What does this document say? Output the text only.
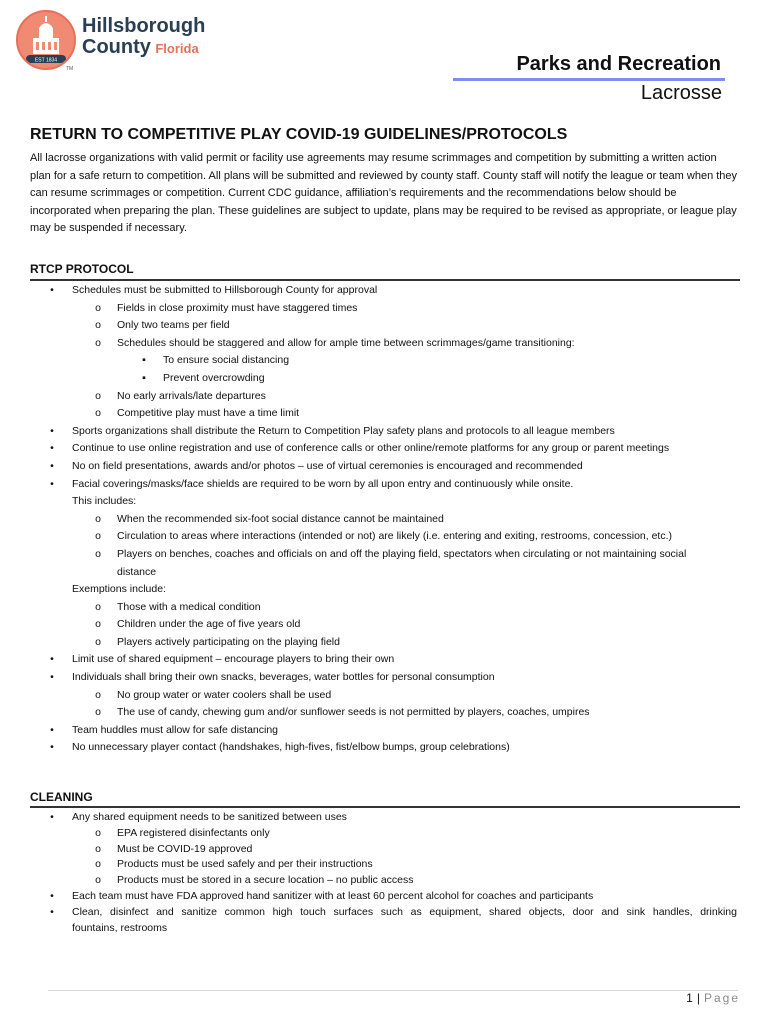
EST 1834
Hillsborough
County Florida
TM	Parks and Recreation
Lacrosse
RETURN TO COMPETITIVE PLAY COVID-19 GUIDELINES/PROTOCOLS
All lacrosse organizations with valid permit or facility use agreements may resume scrimmages and competition by submitting a written action plan for a safe return to competition. All plans will be submitted and reviewed by county staff. County staff will notify the league or team when they can resume scrimmages or competition. Current CDC guidance, affiliation’s requirements and the recommendations below should be incorporated when preparing the plan. These guidelines are subject to update, plans may be required to be revised as appropriate, or league play may be suspended if necessary.
RTCP PROTOCOL
•	Schedules must be submitted to Hillsborough County for approval
o	Fields in close proximity must have staggered times
o	Only two teams per field
o	Schedules should be staggered and allow for ample time between scrimmages/game transitioning:
▪	To ensure social distancing
▪	Prevent overcrowding
o	No early arrivals/late departures
o	Competitive play must have a time limit
•	Sports organizations shall distribute the Return to Competition Play safety plans and protocols to all league members
•	Continue to use online registration and use of conference calls or other online/remote platforms for any group or parent meetings
•	No on field presentations, awards and/or photos – use of virtual ceremonies is encouraged and recommended
•	Facial coverings/masks/face shields are required to be worn by all upon entry and continuously while onsite.
This includes:
o	When the recommended six-foot social distance cannot be maintained
o	Circulation to areas where interactions (intended or not) are likely (i.e. entering and exiting, restrooms, concession, etc.)
o	Players on benches, coaches and officials on and off the playing field, spectators when circulating or not maintaining social
distance
Exemptions include:
o	Those with a medical condition
o	Children under the age of five years old
o	Players actively participating on the playing field
•	Limit use of shared equipment – encourage players to bring their own
•	Individuals shall bring their own snacks, beverages, water bottles for personal consumption
o	No group water or water coolers shall be used
o	The use of candy, chewing gum and/or sunflower seeds is not permitted by players, coaches, umpires
•	Team huddles must allow for safe distancing
•	No unnecessary player contact (handshakes, high-fives, fist/elbow bumps, group celebrations)
CLEANING
•	Any shared equipment needs to be sanitized between uses
o	EPA registered disinfectants only
o	Must be COVID-19 approved
o	Products must be used safely and per their instructions
o	Products must be stored in a secure location – no public access
•	Each team must have FDA approved hand sanitizer with at least 60 percent alcohol for coaches and participants
•	Clean, disinfect and sanitize common high touch surfaces such as equipment, shared objects, door and sink handles, drinking
fountains, restrooms
1 | Page
